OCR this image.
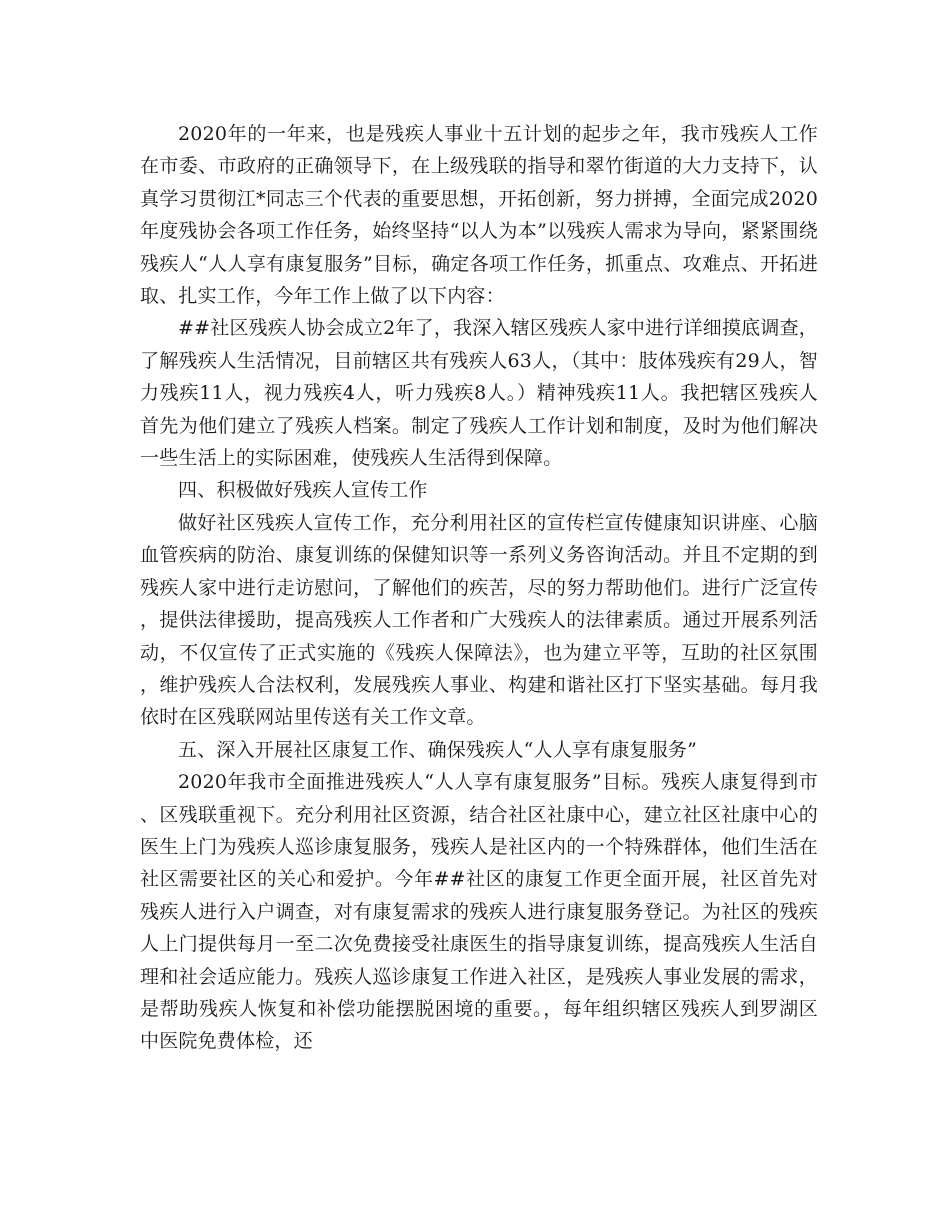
2020年的一年来，也是残疾人事业十五计划的起步之年，我市残疾人工作在市委、市政府的正确领导下，在上级残联的指导和翠竹街道的大力支持下，认真学习贯彻江*同志三个代表的重要思想，开拓创新，努力拼搏，全面完成2020年度残协会各项工作任务，始终坚持“以人为本”以残疾人需求为导向，紧紧围绕残疾人“人人享有康复服务”目标，确定各项工作任务，抓重点、攻难点、开拓进取、扎实工作，今年工作上做了以下内容：

##社区残疾人协会成立2年了，我深入辖区残疾人家中进行详细摸底调查，了解残疾人生活情况，目前辖区共有残疾人63人，（其中：肢体残疾有29人，智力残疾11人，视力残疾4人，听力残疾8人。）精神残疾11人。我把辖区残疾人首先为他们建立了残疾人档案。制定了残疾人工作计划和制度，及时为他们解决一些生活上的实际困难，使残疾人生活得到保障。

四、积极做好残疾人宣传工作

做好社区残疾人宣传工作，充分利用社区的宣传栏宣传健康知识讲座、心脑血管疾病的防治、康复训练的保健知识等一系列义务咨询活动。并且不定期的到残疾人家中进行走访慰问，了解他们的疾苦，尽的努力帮助他们。进行广泛宣传，提供法律援助，提高残疾人工作者和广大残疾人的法律素质。通过开展系列活动，不仅宣传了正式实施的《残疾人保障法》，也为建立平等，互助的社区氛围，维护残疾人合法权利，发展残疾人事业、构建和谐社区打下坚实基础。每月我依时在区残联网站里传送有关工作文章。

五、深入开展社区康复工作、确保残疾人“人人享有康复服务”

2020年我市全面推进残疾人“人人享有康复服务”目标。残疾人康复得到市、区残联重视下。充分利用社区资源，结合社区社康中心，建立社区社康中心的医生上门为残疾人巡诊康复服务，残疾人是社区内的一个特殊群体，他们生活在社区需要社区的关心和爱护。今年##社区的康复工作更全面开展，社区首先对残疾人进行入户调查，对有康复需求的残疾人进行康复服务登记。为社区的残疾人上门提供每月一至二次免费接受社康医生的指导康复训练，提高残疾人生活自理和社会适应能力。残疾人巡诊康复工作进入社区，是残疾人事业发展的需求，是帮助残疾人恢复和补偿功能摆脱困境的重要。，每年组织辖区残疾人到罗湖区中医院免费体检，还
